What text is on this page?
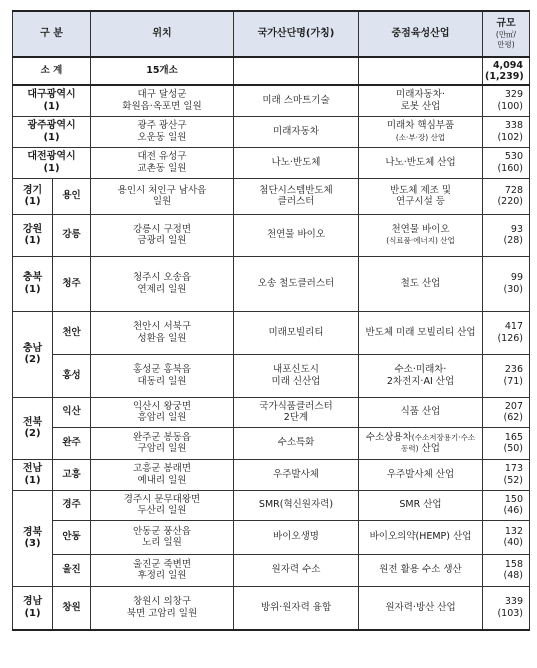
구 분		위치	국가산단명(가칭)	중점육성산업	규모
(만㎡/
만평)

소 계		15개소			4,094
(1,239)
대구광역시
(1)		대구 달성군
화원읍·옥포면 일원	미래 스마트기술	미래자동차·
로봇 산업	329
(100)
광주광역시
(1)		광주 광산구
오운동 일원	미래자동차	미래차 핵심부품
(소·부·장) 산업	338
(102)
대전광역시
(1)		대전 유성구
교촌동 일원	나노·반도체	나노·반도체 산업	530
(160)
경기
(1)	용인	용인시 처인구 남사읍
일원	첨단시스템반도체
클러스터	반도체 제조 및
연구시설 등	728
(220)
강원
(1)	강릉	강릉시 구정면
금광리 일원	천연물 바이오	천연물 바이오
(식료품·에너지) 산업	93
(28)
충북
(1)	청주	청주시 오송읍
연제리 일원	오송 철도클러스터	철도 산업	99
(30)
충남
(2)	천안	천안시 서북구
성환읍 일원	미래모빌리티	반도체 미래 모빌리티 산업	417
(126)
	홍성	홍성군 홍북읍
대동리 일원	내포신도시
미래 신산업	수소·미래차·
2차전지·AI 산업	236
(71)
전북
(2)	익산	익산시 왕궁면
흥암리 일원	국가식품클러스터
2단계	식품 산업	207
(62)
	완주	완주군 봉동읍
구암리 일원	수소특화	수소상용차(수소저장용기·수소
동력) 산업	165
(50)
전남
(1)	고흥	고흥군 봉래면
예내리 일원	우주발사체	우주발사체 산업	173
(52)
경북
(3)	경주	경주시 문무대왕면
두산리 일원	SMR(혁신원자력)	SMR 산업	150
(46)
	안동	안동군 풍산읍
노리 일원	바이오생명	바이오의약(HEMP) 산업	132
(40)
	울진	울진군 죽변면
후정리 일원	원자력 수소	원전 활용 수소 생산	158
(48)
경남
(1)	창원	창원시 의창구
북면 고암리 일원	방위·원자력 융합	원자력·방산 산업	339
(103)
